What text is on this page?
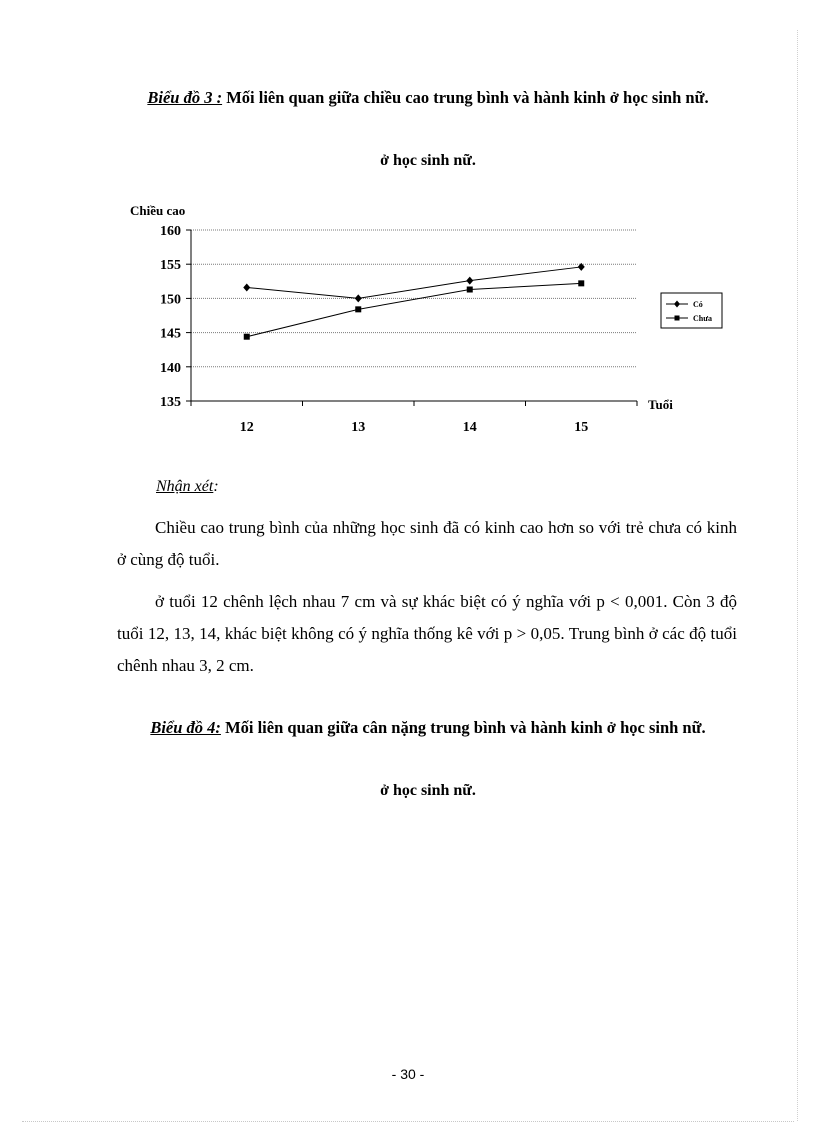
Biểu đồ 3 : Mối liên quan giữa chiều cao trung bình và hành kinh ở học sinh nữ.
ở học sinh nữ.
160
155
150
145
140
135
12	13	14	15
Chiều cao
Tuổi
Có
Chưa
Nhận xét:
Chiều cao trung bình của những học sinh đã có kinh cao hơn so với trẻ chưa có kinh ở cùng độ tuổi.
ở tuổi 12 chênh lệch nhau 7 cm và sự khác biệt có ý nghĩa với p < 0,001. Còn 3 độ tuổi 12, 13, 14, khác biệt không có ý nghĩa thống kê với p > 0,05. Trung bình ở các độ tuổi chênh nhau 3, 2 cm.
Biểu đồ 4: Mối liên quan giữa cân nặng trung bình và hành kinh ở học sinh nữ.
ở học sinh nữ.
- 30 -
